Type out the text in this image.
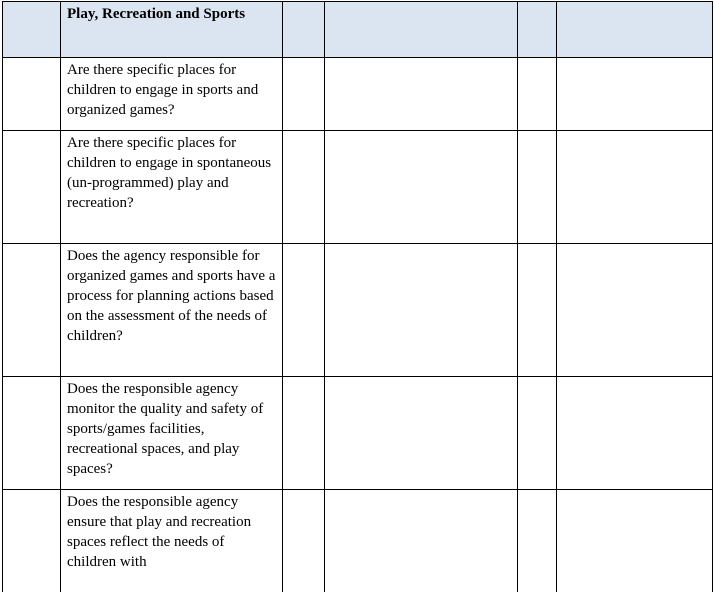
	Play, Recreation and Sports				

	Are there specific places for children to engage in sports and organized games?				

	Are there specific places for children to engage in spontaneous (un-programmed) play and recreation?				

	Does the agency responsible for organized games and sports have a process for planning actions based on the assessment of the needs of children?				

	Does the responsible agency monitor the quality and safety of sports/games facilities, recreational spaces, and play spaces?				

	Does the responsible agency ensure that play and recreation spaces reflect the needs of children with				
